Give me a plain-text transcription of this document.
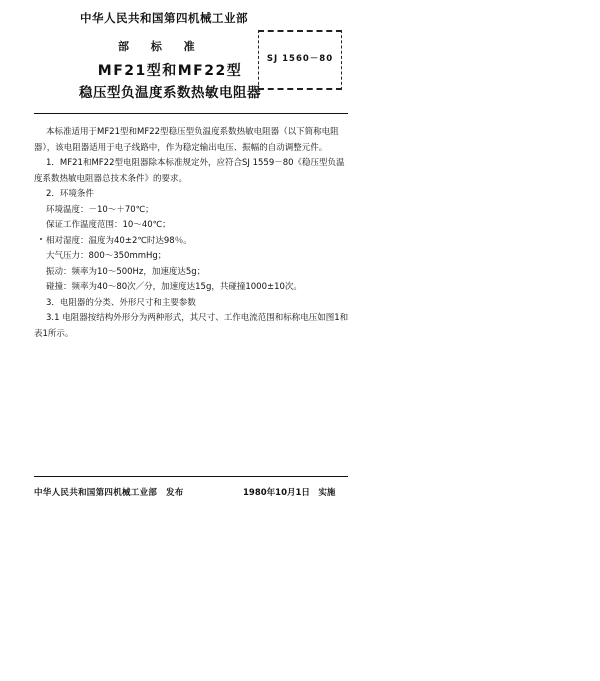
中华人民共和国第四机械工业部
部 标 准
MF21型和MF22型
稳压型负温度系数热敏电阻器
SJ 1560－80

本标准适用于MF21型和MF22型稳压型负温度系数热敏电阻器（以下简称电阻器），该电阻器适用于电子线路中，作为稳定输出电压、振幅的自动调整元件。

1．MF21和MF22型电阻器除本标准规定外，应符合SJ 1559－80《稳压型负温度系数热敏电阻器总技术条件》的要求。

2．环境条件

环境温度：－10～＋70℃；

保证工作温度范围：10～40℃；

相对湿度：温度为40±2℃时达98％。

大气压力：800～350mmHg；

振动：频率为10～500Hz，加速度达5g；

碰撞：频率为40～80次／分，加速度达15g，共碰撞1000±10次。

3．电阻器的分类、外形尺寸和主要参数

3.1 电阻器按结构外形分为两种形式，其尺寸、工作电流范围和标称电压如图1和表1所示。

中华人民共和国第四机械工业部　发布	1980年10月1日　实施
